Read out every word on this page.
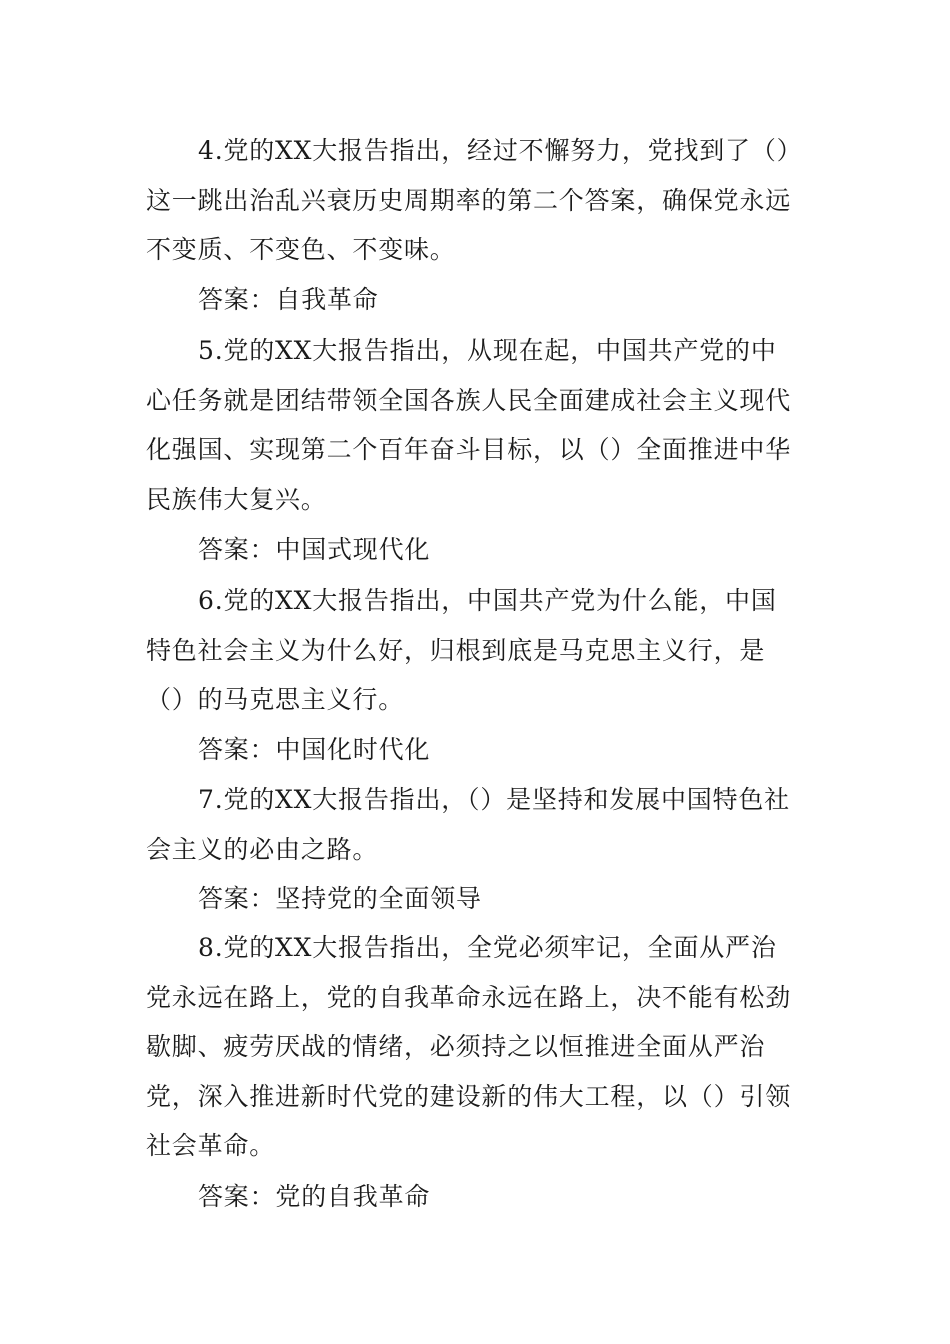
4.党的XX大报告指出，经过不懈努力，党找到了（）这一跳出治乱兴衰历史周期率的第二个答案，确保党永远不变质、不变色、不变味。

答案：自我革命

5.党的XX大报告指出，从现在起，中国共产党的中心任务就是团结带领全国各族人民全面建成社会主义现代化强国、实现第二个百年奋斗目标，以（）全面推进中华民族伟大复兴。

答案：中国式现代化

6.党的XX大报告指出，中国共产党为什么能，中国特色社会主义为什么好，归根到底是马克思主义行，是（）的马克思主义行。

答案：中国化时代化

7.党的XX大报告指出，（）是坚持和发展中国特色社会主义的必由之路。

答案：坚持党的全面领导

8.党的XX大报告指出，全党必须牢记，全面从严治党永远在路上，党的自我革命永远在路上，决不能有松劲歇脚、疲劳厌战的情绪，必须持之以恒推进全面从严治党，深入推进新时代党的建设新的伟大工程，以（）引领社会革命。

答案：党的自我革命
